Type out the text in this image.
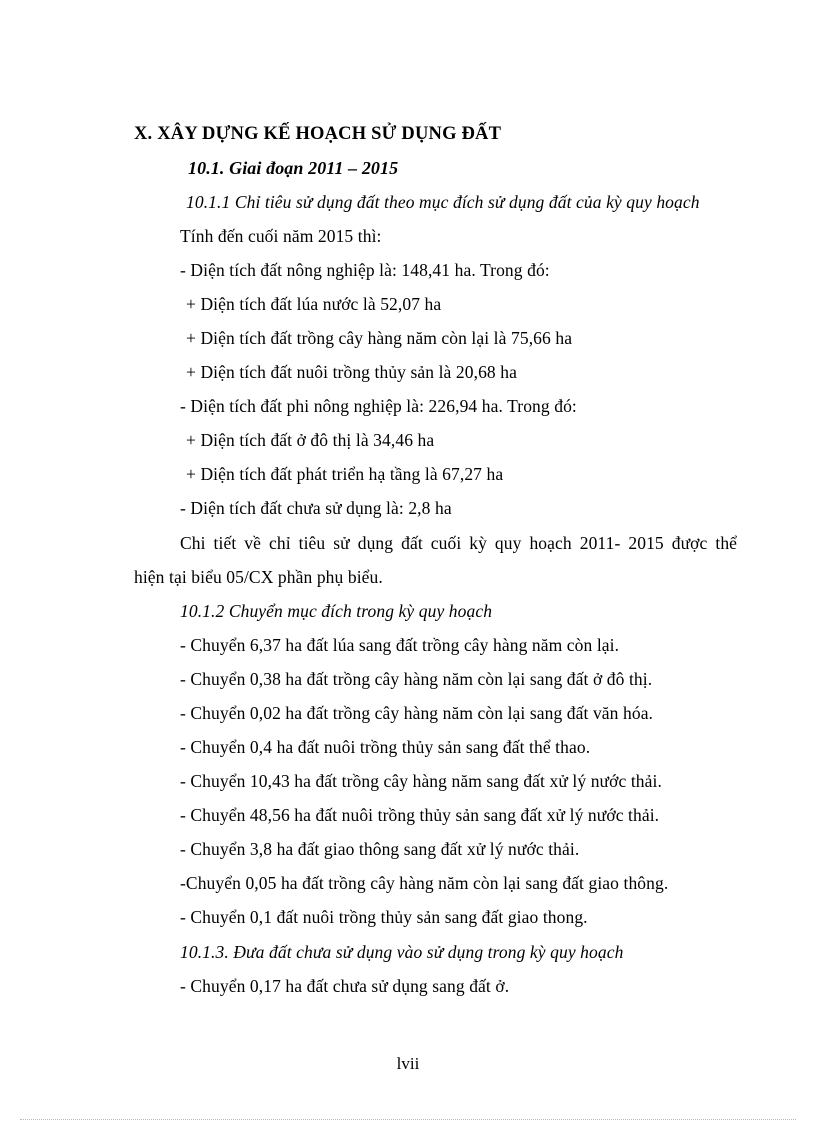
X. XÂY DỰNG KẾ HOẠCH SỬ DỤNG ĐẤT
10.1. Giai đoạn 2011 – 2015
10.1.1 Chỉ tiêu sử dụng đất theo mục đích sử dụng đất của kỳ quy hoạch
Tính đến cuối năm 2015 thì:
- Diện tích đất nông nghiệp là: 148,41 ha. Trong đó:
+ Diện tích đất lúa nước là 52,07 ha
+ Diện tích đất trồng cây hàng năm còn lại là 75,66 ha
+ Diện tích đất nuôi trồng thủy sản là 20,68 ha
- Diện tích đất phi nông nghiệp là: 226,94 ha. Trong đó:
+ Diện tích đất ở đô thị là 34,46 ha
+ Diện tích đất phát triển hạ tầng là 67,27 ha
- Diện tích đất chưa sử dụng là: 2,8 ha
Chi tiết về chỉ tiêu sử dụng đất cuối kỳ quy hoạch 2011- 2015 được thể
hiện tại biểu 05/CX phần phụ biểu.
10.1.2 Chuyển mục đích trong kỳ quy hoạch
- Chuyển 6,37 ha đất lúa sang đất trồng cây hàng năm còn lại.
- Chuyển 0,38 ha đất trồng cây hàng năm còn lại sang đất ở đô thị.
- Chuyển 0,02 ha đất trồng cây hàng năm còn lại sang đất văn hóa.
- Chuyển 0,4 ha đất nuôi trồng thủy sản sang đất thể thao.
- Chuyển 10,43 ha đất trồng cây hàng năm sang đất xử lý nước thải.
- Chuyển 48,56 ha đất nuôi trồng thủy sản sang đất xử lý nước thải.
- Chuyển 3,8 ha đất giao thông sang đất xử lý nước thải.
-Chuyển 0,05 ha đất trồng cây hàng năm còn lại sang đất giao thông.
- Chuyển 0,1 đất nuôi trồng thủy sản sang đất giao thong.
10.1.3. Đưa đất chưa sử dụng vào sử dụng trong kỳ quy hoạch
- Chuyển 0,17 ha đất chưa sử dụng sang đất ở.
lvii
